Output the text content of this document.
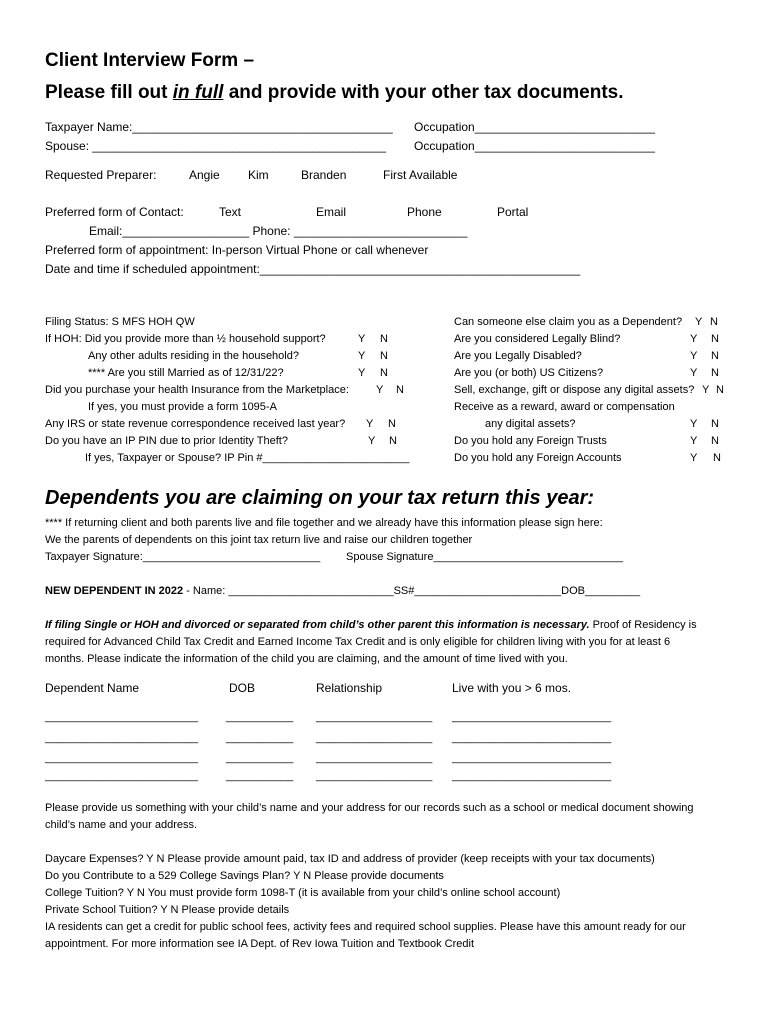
Client Interview Form –
Please fill out in full and provide with your other tax documents.
Taxpayer Name:_______________________________________ Occupation___________________________
Spouse: ____________________________________________ Occupation___________________________
Requested Preparer:	Angie Kim	Branden	First Available
Preferred form of Contact:	Text	Email	Phone	Portal
Email:___________________ Phone: __________________________
Preferred form of appointment: In-person Virtual Phone or call whenever
Date and time if scheduled appointment:________________________________________________
Filing Status: S MFS HOH QW
If HOH: Did you provide more than ½ household support?	Y N
Any other adults residing in the household?	Y N
**** Are you still Married as of 12/31/22?	Y N
Did you purchase your health Insurance from the Marketplace: Y N
If yes, you must provide a form 1095-A
Any IRS or state revenue correspondence received last year? Y N
Do you have an IP PIN due to prior Identity Theft?	Y N
If yes, Taxpayer or Spouse? IP Pin #________________________
Can someone else claim you as a Dependent? Y N
Are you considered Legally Blind?	Y N
Are you Legally Disabled?	Y N
Are you (or both) US Citizens?	Y N
Sell, exchange, gift or dispose any digital assets? Y N
Receive as a reward, award or compensation
any digital assets?	Y N
Do you hold any Foreign Trusts	Y N
Do you hold any Foreign Accounts	Y N
Dependents you are claiming on your tax return this year:
**** If returning client and both parents live and file together and we already have this information please sign here:
We the parents of dependents on this joint tax return live and raise our children together
Taxpayer Signature:_____________________________ Spouse Signature_______________________________
NEW DEPENDENT IN 2022 - Name: ___________________________SS#________________________DOB_________
If filing Single or HOH and divorced or separated from child’s other parent this information is necessary. Proof of Residency is
required for Advanced Child Tax Credit and Earned Income Tax Credit and is only eligible for children living with you for at least 6
months. Please indicate the information of the child you are claiming, and the amount of time lived with you.
Dependent Name	DOB	Relationship	Live with you > 6 mos.
_________________________	___________ ___________________ __________________________
_________________________	___________ ___________________ __________________________
_________________________	___________ ___________________ __________________________
_________________________	___________ ___________________ __________________________
Please provide us something with your child’s name and your address for our records such as a school or medical document showing
child’s name and your address.
Daycare Expenses? Y N Please provide amount paid, tax ID and address of provider (keep receipts with your tax documents)
Do you Contribute to a 529 College Savings Plan? Y N Please provide documents
College Tuition? Y N You must provide form 1098-T (it is available from your child’s online school account)
Private School Tuition? Y N Please provide details
IA residents can get a credit for public school fees, activity fees and required school supplies. Please have this amount ready for our
appointment. For more information see IA Dept. of Rev Iowa Tuition and Textbook Credit
